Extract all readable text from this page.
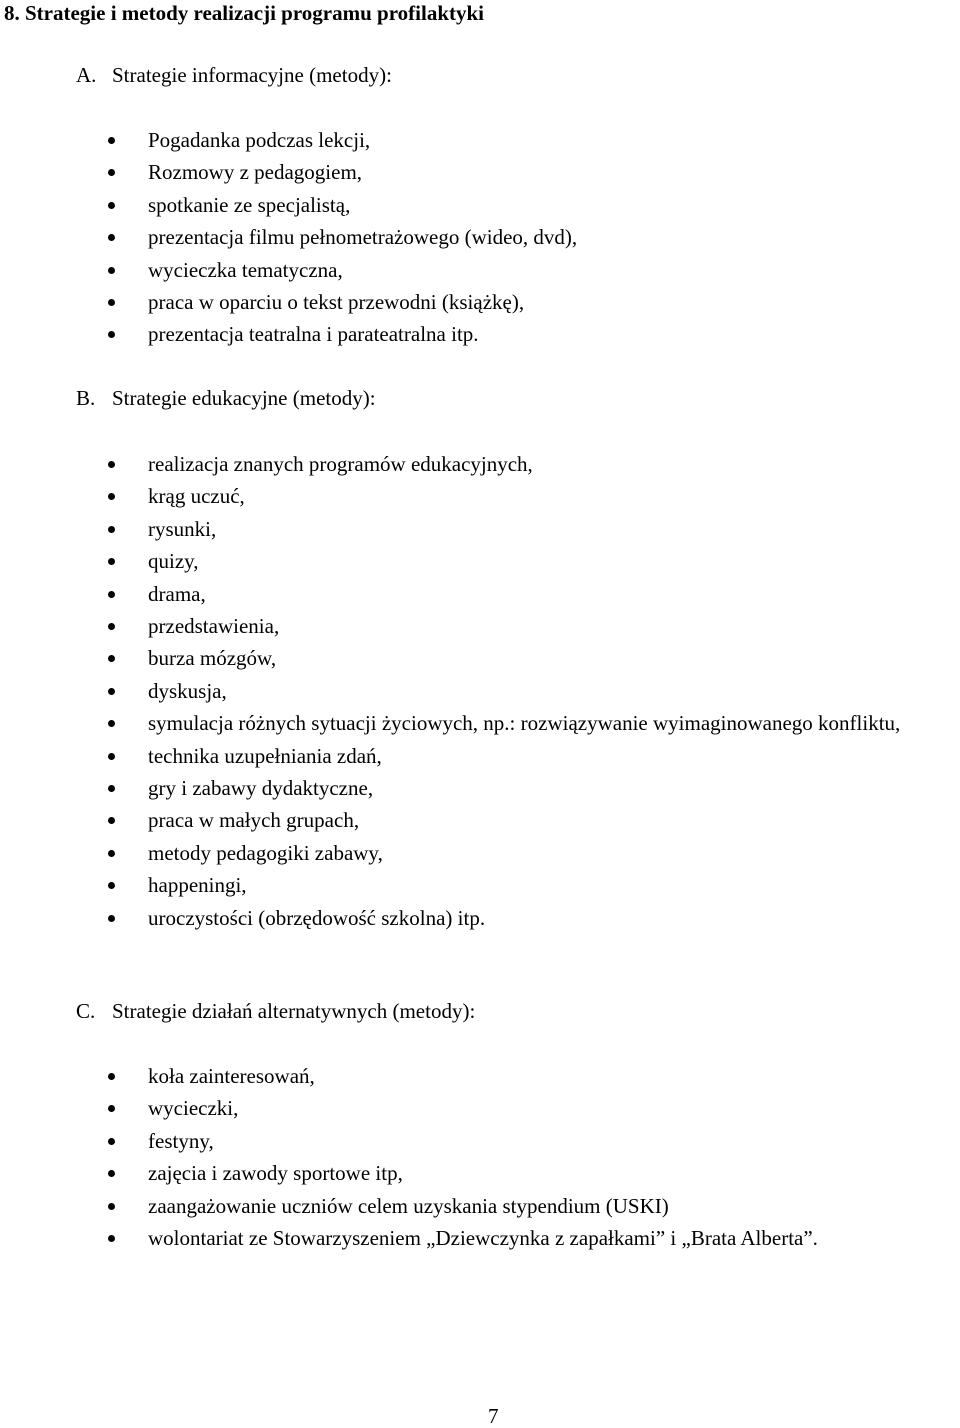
8. Strategie i metody realizacji programu profilaktyki
A. Strategie informacyjne (metody):
Pogadanka podczas lekcji,
Rozmowy z pedagogiem,
spotkanie ze specjalistą,
prezentacja filmu pełnometrażowego (wideo, dvd),
wycieczka tematyczna,
praca w oparciu o tekst przewodni (książkę),
prezentacja teatralna i parateatralna itp.
B. Strategie edukacyjne (metody):
realizacja znanych programów edukacyjnych,
krąg uczuć,
rysunki,
quizy,
drama,
przedstawienia,
burza mózgów,
dyskusja,
symulacja różnych sytuacji życiowych, np.: rozwiązywanie wyimaginowanego konfliktu,
technika uzupełniania zdań,
gry i zabawy dydaktyczne,
praca w małych grupach,
metody pedagogiki zabawy,
happeningi,
uroczystości (obrzędowość szkolna) itp.
C. Strategie działań alternatywnych (metody):
koła zainteresowań,
wycieczki,
festyny,
zajęcia i zawody sportowe itp,
zaangażowanie uczniów celem uzyskania stypendium (USKI)
wolontariat ze Stowarzyszeniem „Dziewczynka z zapałkami” i „Brata Alberta”.
7
